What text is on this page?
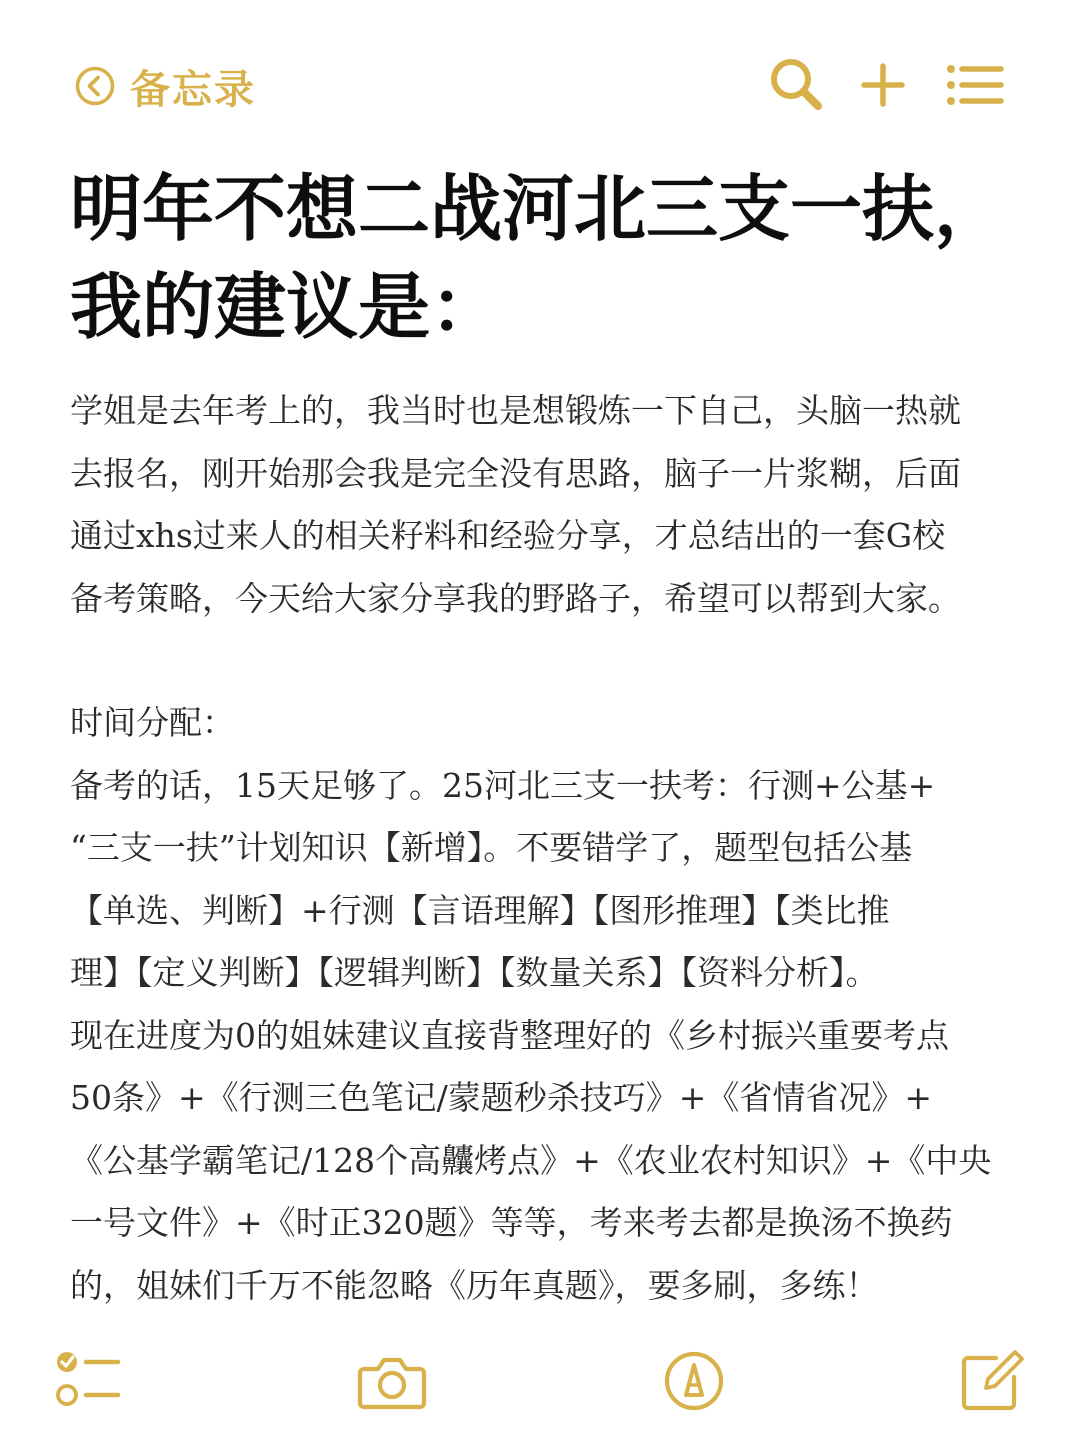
备忘录
明年不想二战河北三支一扶，
我的建议是：

学姐是去年考上的，我当时也是想锻炼一下自己，头脑一热就
去报名，刚开始那会我是完全没有思路，脑子一片浆糊，后面
通过xhs过来人的相关籽料和经验分享，才总结出的一套G校
备考策略，今天给大家分享我的野路子，希望可以帮到大家。

时间分配：

备考的话，15天足够了。25河北三支一扶考：行测+公基+
“三支一扶”计划知识【新增】。不要错学了，题型包括公基
【单选、判断】+行测【言语理解】【图形推理】【类比推
理】【定义判断】【逻辑判断】【数量关系】【资料分析】。
现在进度为0的姐妹建议直接背整理好的《乡村振兴重要考点
50条》+《行测三色笔记/蒙题秒杀技巧》+《省情省况》+
《公基学霸笔记/128个高齉烤点》+《农业农村知识》+《中央
一号文件》+《时正320题》等等，考来考去都是换汤不换药
的，姐妹们千万不能忽略《历年真题》，要多刷，多练！
